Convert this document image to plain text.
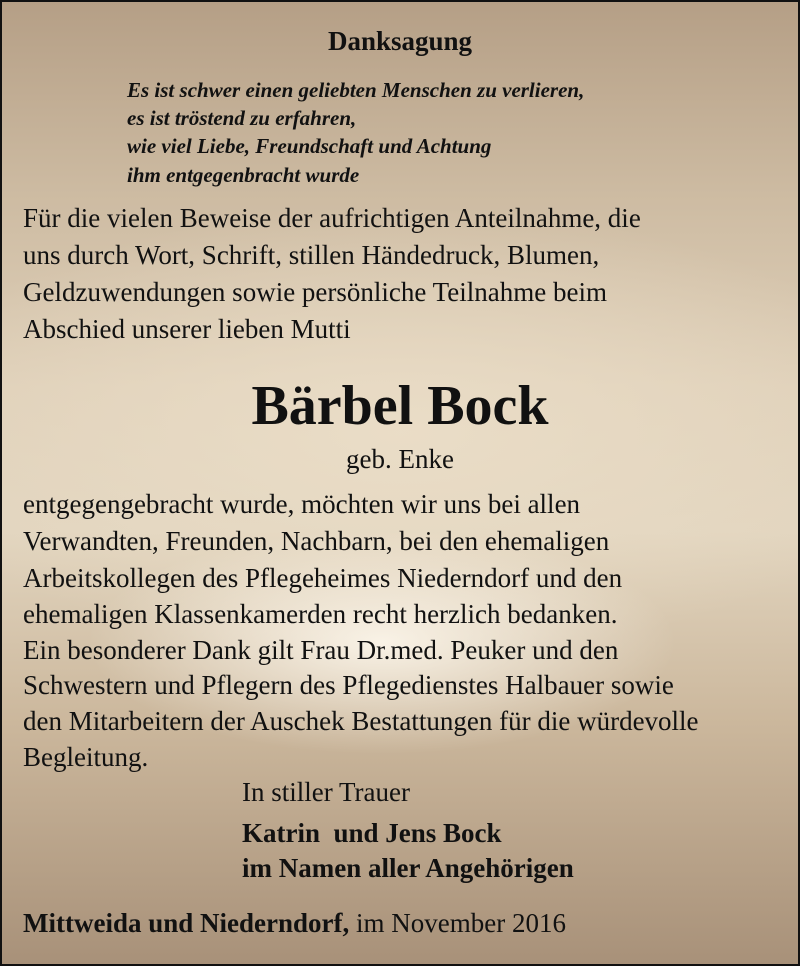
Danksagung

Es ist schwer einen geliebten Menschen zu verlieren,

es ist tröstend zu erfahren,

wie viel Liebe, Freundschaft und Achtung

ihm entgegenbracht wurde

Für die vielen Beweise der aufrichtigen Anteilnahme, die

uns durch Wort, Schrift, stillen Händedruck, Blumen,

Geldzuwendungen sowie persönliche Teilnahme beim

Abschied unserer lieben Mutti

Bärbel Bock

geb. Enke

entgegengebracht wurde, möchten wir uns bei allen

Verwandten, Freunden, Nachbarn, bei den ehemaligen

Arbeitskollegen des Pflegeheimes Niederndorf und den

ehemaligen Klassenkamerden recht herzlich bedanken.

Ein besonderer Dank gilt Frau Dr.med. Peuker und den

Schwestern und Pflegern des Pflegedienstes Halbauer sowie

den Mitarbeitern der Auschek Bestattungen für die würdevolle

Begleitung.

In stiller Trauer

Katrin  und Jens Bock

im Namen aller Angehörigen

Mittweida und Niederndorf, im November 2016
